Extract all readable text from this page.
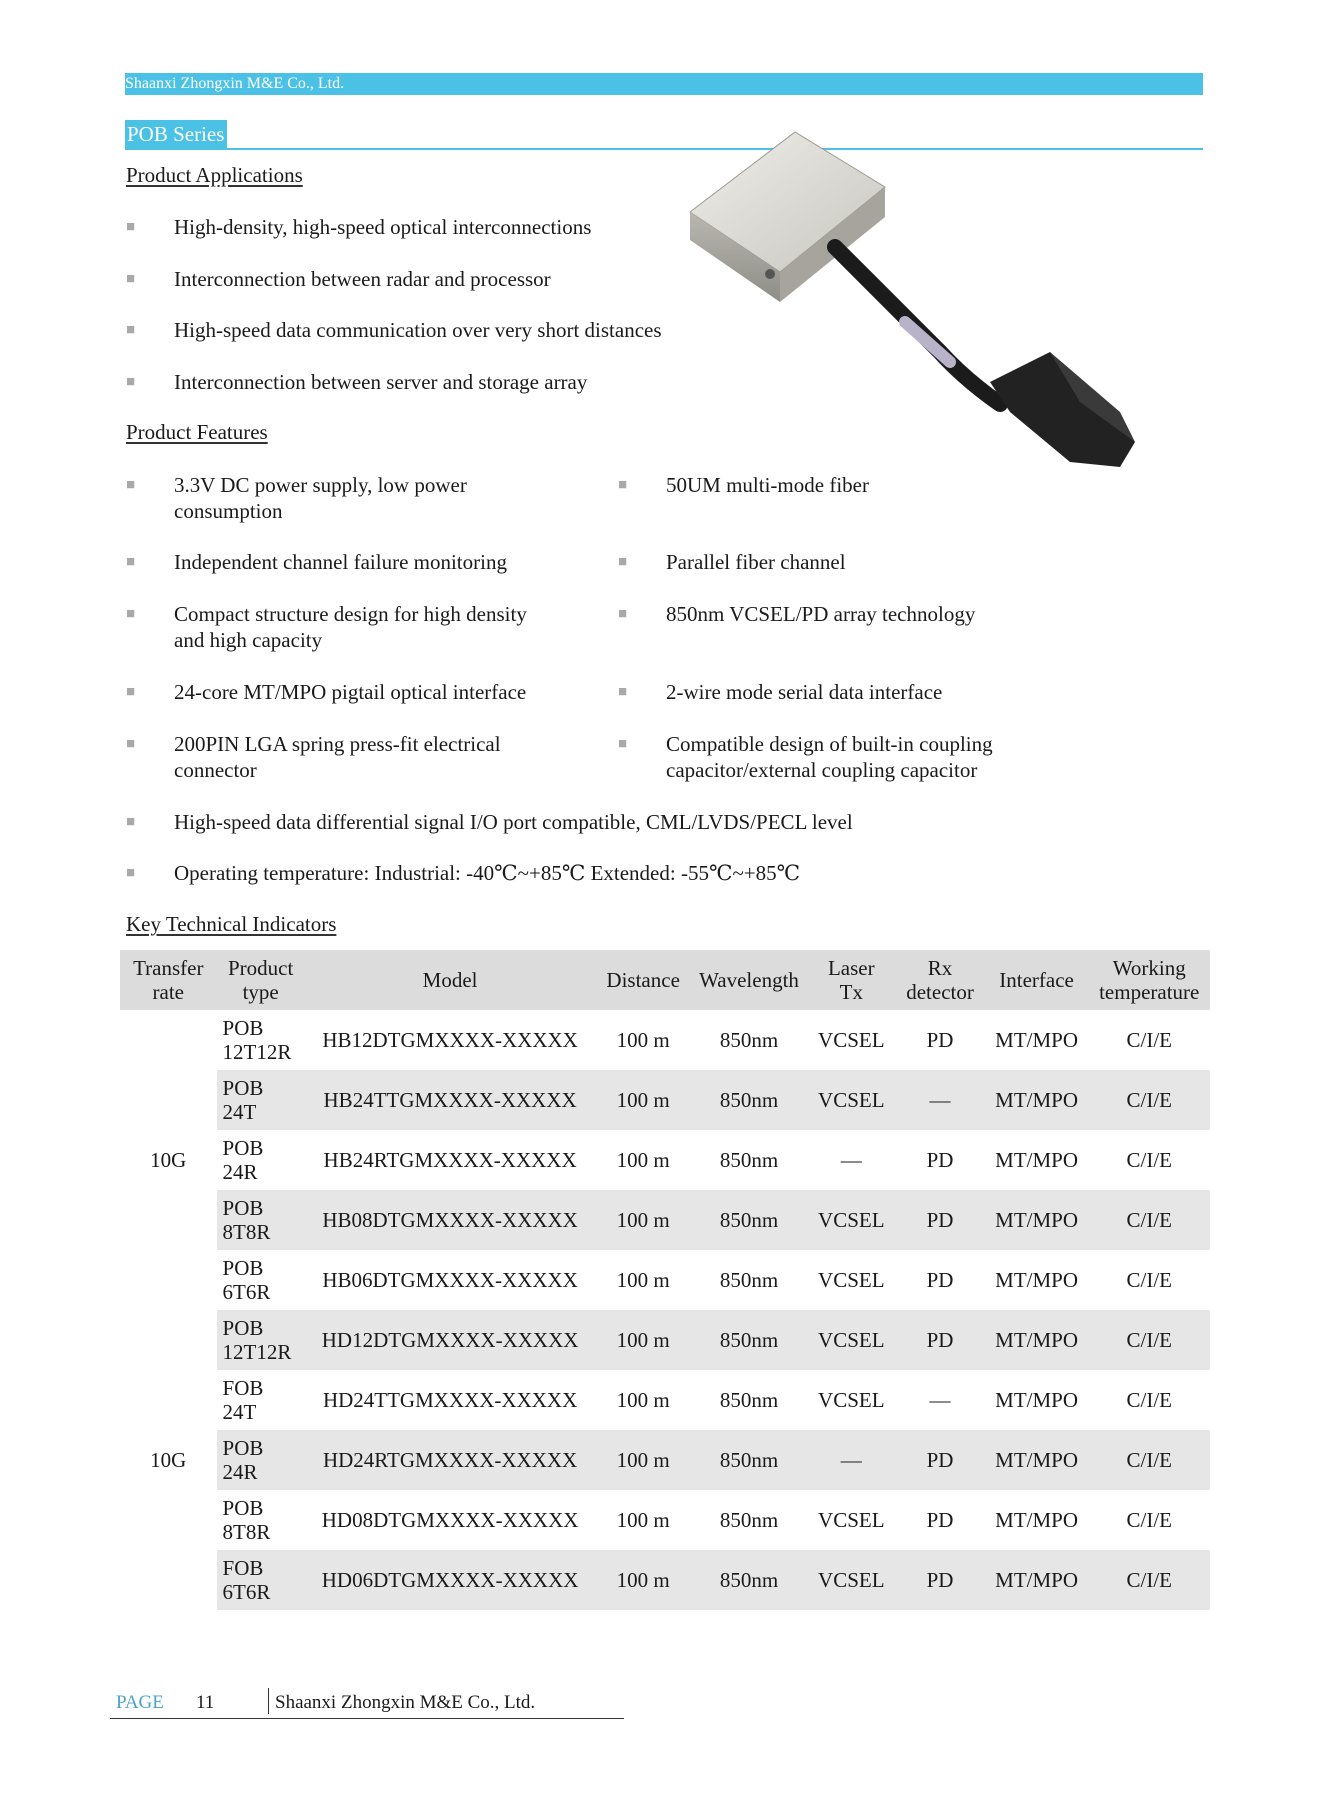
Shaanxi Zhongxin M&E Co., Ltd.
POB Series
Product Applications
■ High-density, high-speed optical interconnections
■ Interconnection between radar and processor
■ High-speed data communication over very short distances
■ Interconnection between server and storage array
Product Features
■ 3.3V DC power supply, low power
consumption
■ Independent channel failure monitoring
■ Compact structure design for high density
and high capacity
■ 24-core MT/MPO pigtail optical interface
■ 200PIN LGA spring press-fit electrical
connector
■ 50UM multi-mode fiber
■ Parallel fiber channel
■ 850nm VCSEL/PD array technology
■ 2-wire mode serial data interface
■ Compatible design of built-in coupling
capacitor/external coupling capacitor
■ High-speed data differential signal I/O port compatible, CML/LVDS/PECL level
■ Operating temperature: Industrial: -40℃~+85℃ Extended: -55℃~+85℃
Key Technical Indicators
Transfer
rate	Product
type	Model	Distance	Wavelength	Laser
Tx	Rx
detector	Interface	Working
temperature
10G	POB
12T12R	HB12DTGMXXXX-XXXXX	100 m	850nm	VCSEL	PD	MT/MPO	C/I/E
	POB
24T	HB24TTGMXXXX-XXXXX	100 m	850nm	VCSEL	—	MT/MPO	C/I/E
	POB
24R	HB24RTGMXXXX-XXXXX	100 m	850nm	—	PD	MT/MPO	C/I/E
	POB
8T8R	HB08DTGMXXXX-XXXXX	100 m	850nm	VCSEL	PD	MT/MPO	C/I/E
	POB
6T6R	HB06DTGMXXXX-XXXXX	100 m	850nm	VCSEL	PD	MT/MPO	C/I/E
10G	POB
12T12R	HD12DTGMXXXX-XXXXX	100 m	850nm	VCSEL	PD	MT/MPO	C/I/E
	FOB
24T	HD24TTGMXXXX-XXXXX	100 m	850nm	VCSEL	—	MT/MPO	C/I/E
	POB
24R	HD24RTGMXXXX-XXXXX	100 m	850nm	—	PD	MT/MPO	C/I/E
	POB
8T8R	HD08DTGMXXXX-XXXXX	100 m	850nm	VCSEL	PD	MT/MPO	C/I/E
	FOB
6T6R	HD06DTGMXXXX-XXXXX	100 m	850nm	VCSEL	PD	MT/MPO	C/I/E
PAGE 11	Shaanxi Zhongxin M&E Co., Ltd.
